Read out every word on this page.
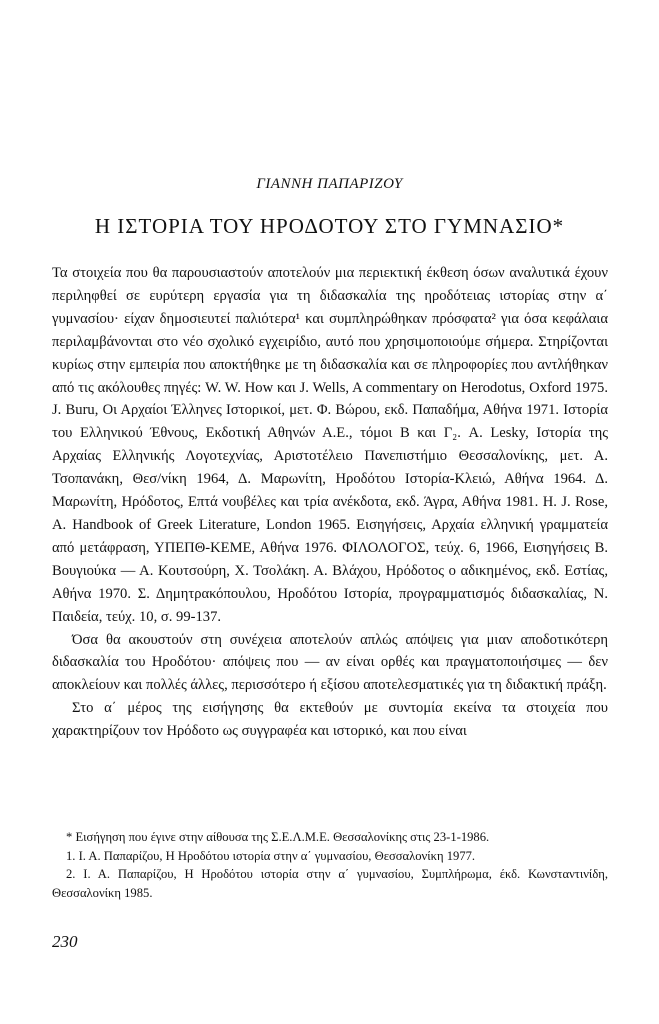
ΓΙΑΝΝΗ ΠΑΠΑΡΙΖΟΥ
Η ΙΣΤΟΡΙΑ ΤΟΥ ΗΡΟΔΟΤΟΥ ΣΤΟ ΓΥΜΝΑΣΙΟ*

Τα στοιχεία που θα παρουσιαστούν αποτελούν μια περιεκτική έκθεση όσων αναλυτικά έχουν περιληφθεί σε ευρύτερη εργασία για τη διδασκαλία της ηροδότειας ιστορίας στην α΄ γυμνασίου· είχαν δημοσιευτεί παλιότερα¹ και συμπληρώθηκαν πρόσφατα² για όσα κεφάλαια περιλαμβάνονται στο νέο σχολικό εγχειρίδιο, αυτό που χρησιμοποιούμε σήμερα. Στηρίζονται κυρίως στην εμπειρία που αποκτήθηκε με τη διδασκαλία και σε πληροφορίες που αντλήθηκαν από τις ακόλουθες πηγές: W. W. How και J. Wells, A commentary on Herodotus, Oxford 1975. J. Buru, Οι Αρχαίοι Έλληνες Ιστορικοί, μετ. Φ. Βώρου, εκδ. Παπαδήμα, Αθήνα 1971. Ιστορία του Ελληνικού Έθνους, Εκδοτική Αθηνών Α.Ε., τόμοι Β και Γ₂. A. Lesky, Ιστορία της Αρχαίας Ελληνικής Λογοτεχνίας, Αριστοτέλειο Πανεπιστήμιο Θεσσαλονίκης, μετ. Α. Τσοπανάκη, Θεσ/νίκη 1964, Δ. Μαρωνίτη, Ηροδότου Ιστορία-Κλειώ, Αθήνα 1964. Δ. Μαρωνίτη, Ηρόδοτος, Επτά νουβέλες και τρία ανέκδοτα, εκδ. Άγρα, Αθήνα 1981. H. J. Rose, A. Handbook of Greek Literature, London 1965. Εισηγήσεις, Αρχαία ελληνική γραμματεία από μετάφραση, ΥΠΕΠΘ-ΚΕΜΕ, Αθήνα 1976. ΦΙΛΟΛΟΓΟΣ, τεύχ. 6, 1966, Εισηγήσεις Β. Βουγιούκα — Α. Κουτσούρη, Χ. Τσολάκη. Α. Βλάχου, Ηρόδοτος ο αδικημένος, εκδ. Εστίας, Αθήνα 1970. Σ. Δημητρακόπουλου, Ηροδότου Ιστορία, προγραμματισμός διδασκαλίας, Ν. Παιδεία, τεύχ. 10, σ. 99-137.

Όσα θα ακουστούν στη συνέχεια αποτελούν απλώς απόψεις για μιαν αποδοτικότερη διδασκαλία του Ηροδότου· απόψεις που — αν είναι ορθές και πραγματοποιήσιμες — δεν αποκλείουν και πολλές άλλες, περισσότερο ή εξίσου αποτελεσματικές για τη διδακτική πράξη.

Στο α΄ μέρος της εισήγησης θα εκτεθούν με συντομία εκείνα τα στοιχεία που χαρακτηρίζουν τον Ηρόδοτο ως συγγραφέα και ιστορικό, και που είναι

* Εισήγηση που έγινε στην αίθουσα της Σ.Ε.Λ.Μ.Ε. Θεσσαλονίκης στις 23-1-1986.

1. Ι. Α. Παπαρίζου, Η Ηροδότου ιστορία στην α΄ γυμνασίου, Θεσσαλονίκη 1977.

2. Ι. Α. Παπαρίζου, Η Ηροδότου ιστορία στην α΄ γυμνασίου, Συμπλήρωμα, έκδ. Κωνσταντινίδη, Θεσσαλονίκη 1985.

230
